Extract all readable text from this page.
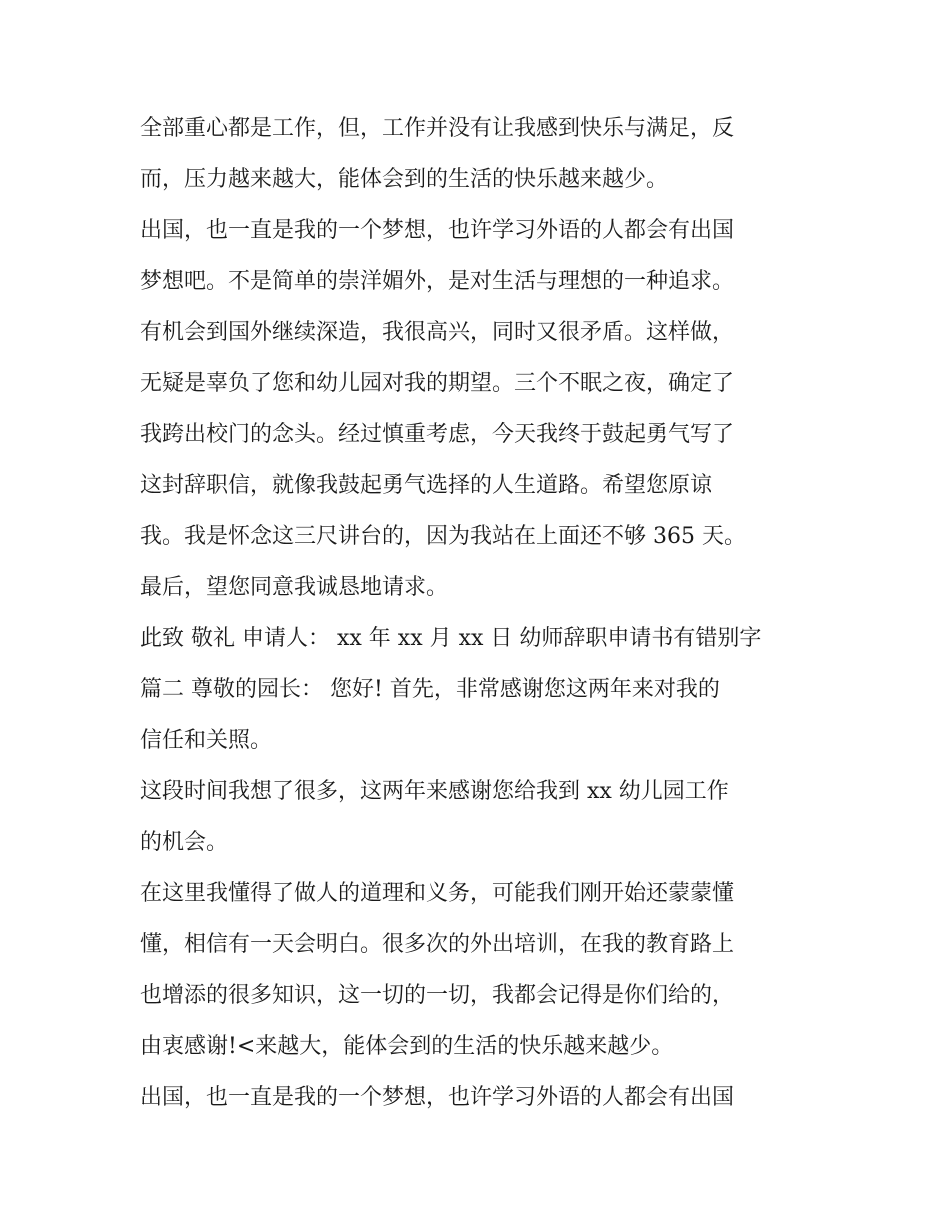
全部重心都是工作，但，工作并没有让我感到快乐与满足，反
而，压力越来越大，能体会到的生活的快乐越来越少。
出国，也一直是我的一个梦想，也许学习外语的人都会有出国
梦想吧。不是简单的崇洋媚外，是对生活与理想的一种追求。
有机会到国外继续深造，我很高兴，同时又很矛盾。这样做，
无疑是辜负了您和幼儿园对我的期望。三个不眠之夜，确定了
我跨出校门的念头。经过慎重考虑，今天我终于鼓起勇气写了
这封辞职信，就像我鼓起勇气选择的人生道路。希望您原谅
我。我是怀念这三尺讲台的，因为我站在上面还不够 365 天。
最后，望您同意我诚恳地请求。
此致 敬礼 申请人： xx 年 xx 月 xx 日 幼师辞职申请书有错别字
篇二 尊敬的园长： 您好! 首先，非常感谢您这两年来对我的
信任和关照。
这段时间我想了很多，这两年来感谢您给我到 xx 幼儿园工作
的机会。
在这里我懂得了做人的道理和义务，可能我们刚开始还蒙蒙懂
懂，相信有一天会明白。很多次的外出培训，在我的教育路上
也增添的很多知识，这一切的一切，我都会记得是你们给的，
由衷感谢!<来越大，能体会到的生活的快乐越来越少。
出国，也一直是我的一个梦想，也许学习外语的人都会有出国
